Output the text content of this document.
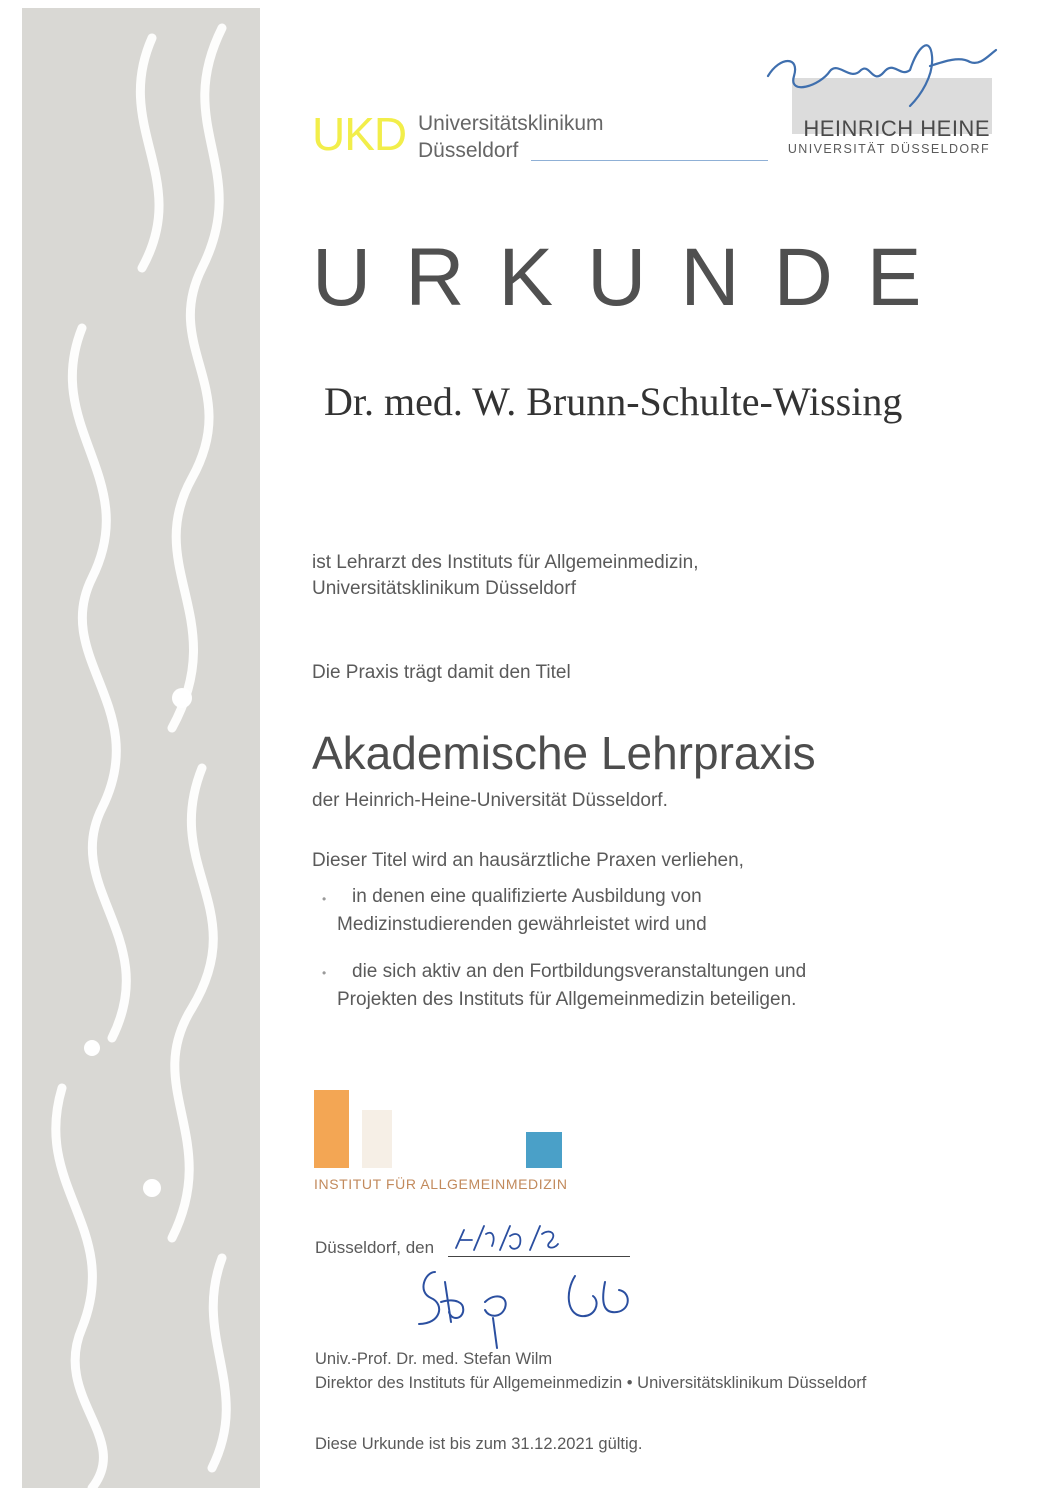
UKD Universitätsklinikum
Düsseldorf
HEINRICH HEINE
UNIVERSITÄT DÜSSELDORF
URKUNDE
Dr. med. W. Brunn-Schulte-Wissing
ist Lehrarzt des Instituts für Allgemeinmedizin,
Universitätsklinikum Düsseldorf
Die Praxis trägt damit den Titel
Akademische Lehrpraxis
der Heinrich-Heine-Universität Düsseldorf.
Dieser Titel wird an hausärztliche Praxen verliehen,
• in denen eine qualifizierte Ausbildung von
Medizinstudierenden gewährleistet wird und
• die sich aktiv an den Fortbildungsveranstaltungen und
Projekten des Instituts für Allgemeinmedizin beteiligen.
INSTITUT FÜR ALLGEMEINMEDIZIN
Düsseldorf, den
Univ.-Prof. Dr. med. Stefan Wilm
Direktor des Instituts für Allgemeinmedizin • Universitätsklinikum Düsseldorf
Diese Urkunde ist bis zum 31.12.2021 gültig.
